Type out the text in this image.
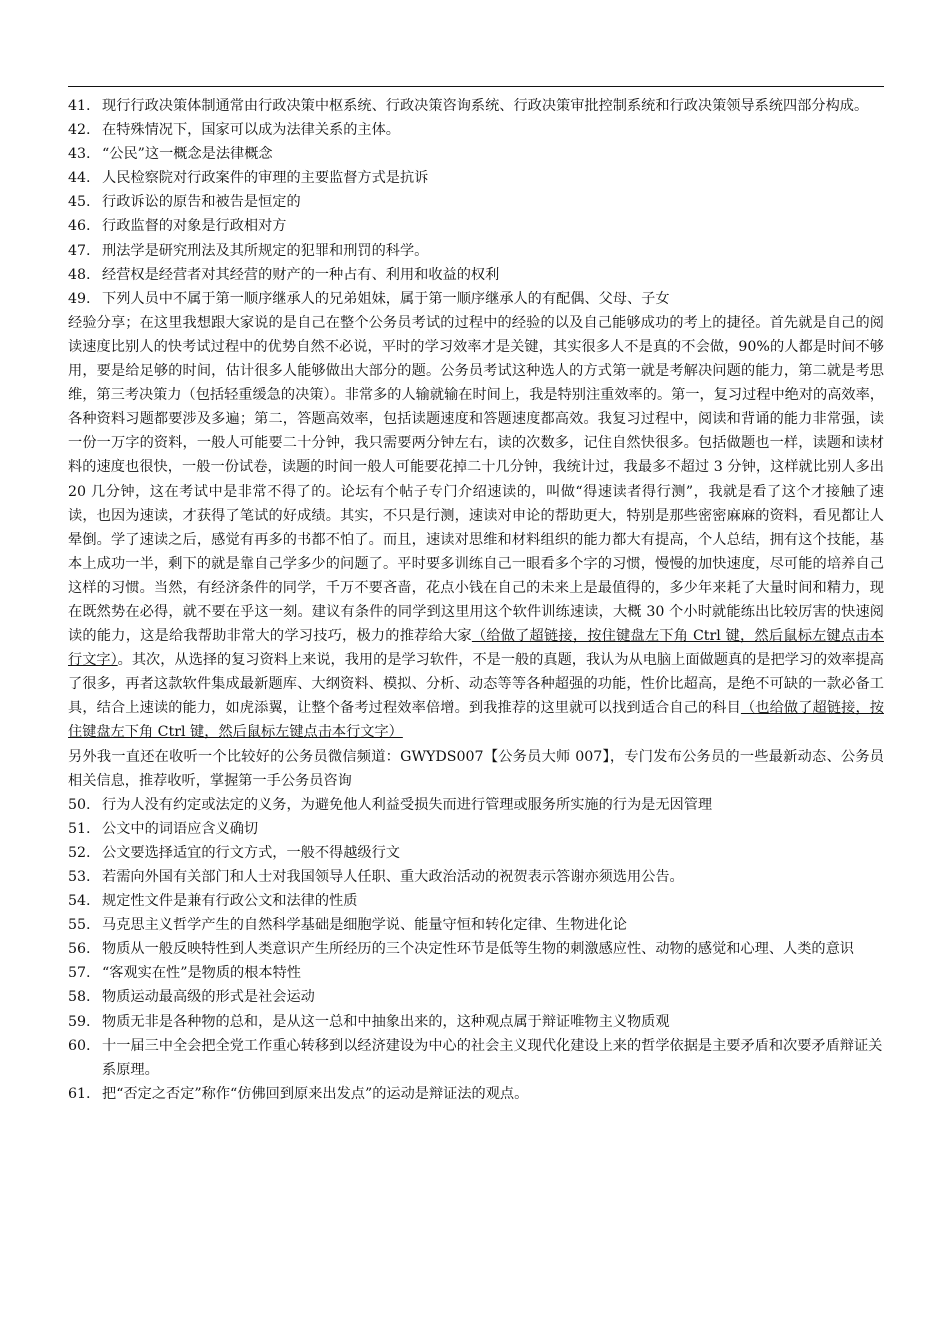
41. 现行行政决策体制通常由行政决策中枢系统、行政决策咨询系统、行政决策审批控制系统和行政决策领导系统四部分构成。
42. 在特殊情况下，国家可以成为法律关系的主体。
43. “公民”这一概念是法律概念
44. 人民检察院对行政案件的审理的主要监督方式是抗诉
45. 行政诉讼的原告和被告是恒定的
46. 行政监督的对象是行政相对方
47. 刑法学是研究刑法及其所规定的犯罪和刑罚的科学。
48. 经营权是经营者对其经营的财产的一种占有、利用和收益的权利
49. 下列人员中不属于第一顺序继承人的兄弟姐妹，属于第一顺序继承人的有配偶、父母、子女
经验分享；在这里我想跟大家说的是自己在整个公务员考试的过程中的经验的以及自己能够成功的考上的捷径。首先就是自己的阅读速度比别人的快考试过程中的优势自然不必说，平时的学习效率才是关键，其实很多人不是真的不会做，90%的人都是时间不够用，要是给足够的时间，估计很多人能够做出大部分的题。公务员考试这种选人的方式第一就是考解决问题的能力，第二就是考思维，第三考决策力（包括轻重缓急的决策）。非常多的人输就输在时间上，我是特别注重效率的。第一，复习过程中绝对的高效率，各种资料习题都要涉及多遍；第二，答题高效率，包括读题速度和答题速度都高效。我复习过程中，阅读和背诵的能力非常强，读一份一万字的资料，一般人可能要二十分钟，我只需要两分钟左右，读的次数多，记住自然快很多。包括做题也一样，读题和读材料的速度也很快，一般一份试卷，读题的时间一般人可能要花掉二十几分钟，我统计过，我最多不超过 3 分钟，这样就比别人多出 20 几分钟，这在考试中是非常不得了的。论坛有个帖子专门介绍速读的，叫做“得速读者得行测”，我就是看了这个才接触了速读，也因为速读，才获得了笔试的好成绩。其实，不只是行测，速读对申论的帮助更大，特别是那些密密麻麻的资料，看见都让人晕倒。学了速读之后，感觉有再多的书都不怕了。而且，速读对思维和材料组织的能力都大有提高，个人总结，拥有这个技能，基本上成功一半，剩下的就是靠自己学多少的问题了。平时要多训练自己一眼看多个字的习惯，慢慢的加快速度，尽可能的培养自己这样的习惯。当然，有经济条件的同学，千万不要吝啬，花点小钱在自己的未来上是最值得的，多少年来耗了大量时间和精力，现在既然势在必得，就不要在乎这一刻。建议有条件的同学到这里用这个软件训练速读，大概 30 个小时就能练出比较厉害的快速阅读的能力，这是给我帮助非常大的学习技巧，极力的推荐给大家（给做了超链接，按住键盘左下角 Ctrl 键，然后鼠标左键点击本行文字）。其次，从选择的复习资料上来说，我用的是学习软件，不是一般的真题，我认为从电脑上面做题真的是把学习的效率提高了很多，再者这款软件集成最新题库、大纲资料、模拟、分析、动态等等各种超强的功能，性价比超高，是绝不可缺的一款必备工具，结合上速读的能力，如虎添翼，让整个备考过程效率倍增。到我推荐的这里就可以找到适合自己的科目（也给做了超链接，按住键盘左下角 Ctrl 键，然后鼠标左键点击本行文字）
另外我一直还在收听一个比较好的公务员微信频道：GWYDS007【公务员大师 007】，专门发布公务员的一些最新动态、公务员相关信息，推荐收听，掌握第一手公务员咨询
50. 行为人没有约定或法定的义务，为避免他人利益受损失而进行管理或服务所实施的行为是无因管理
51. 公文中的词语应含义确切
52. 公文要选择适宜的行文方式，一般不得越级行文
53. 若需向外国有关部门和人士对我国领导人任职、重大政治活动的祝贺表示答谢亦须选用公告。
54. 规定性文件是兼有行政公文和法律的性质
55. 马克思主义哲学产生的自然科学基础是细胞学说、能量守恒和转化定律、生物进化论
56. 物质从一般反映特性到人类意识产生所经历的三个决定性环节是低等生物的刺激感应性、动物的感觉和心理、人类的意识
57. “客观实在性”是物质的根本特性
58. 物质运动最高级的形式是社会运动
59. 物质无非是各种物的总和，是从这一总和中抽象出来的，这种观点属于辩证唯物主义物质观
60. 十一届三中全会把全党工作重心转移到以经济建设为中心的社会主义现代化建设上来的哲学依据是主要矛盾和次要矛盾辩证关系原理。
61. 把“否定之否定”称作“仿佛回到原来出发点”的运动是辩证法的观点。
